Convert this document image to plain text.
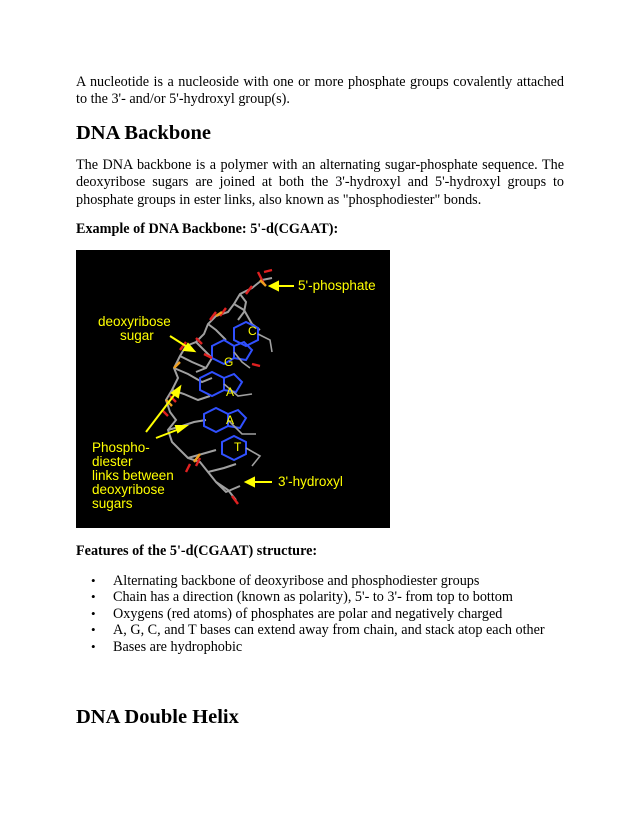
A nucleotide is a nucleoside with one or more phosphate groups covalently attached to the 3'- and/or 5'-hydroxyl group(s).

DNA Backbone

The DNA backbone is a polymer with an alternating sugar-phosphate sequence. The deoxyribose sugars are joined at both the 3'-hydroxyl and 5'-hydroxyl groups to phosphate groups in ester links, also known as "phosphodiester" bonds.

Example of DNA Backbone: 5'-d(CGAAT):

C
G
A
A
T
5'-phosphate
deoxyribose
sugar
Phospho-
diester
links between
deoxyribose
sugars
3'-hydroxyl

Features of the 5'-d(CGAAT) structure:

• Alternating backbone of deoxyribose and phosphodiester groups
• Chain has a direction (known as polarity), 5'- to 3'- from top to bottom
• Oxygens (red atoms) of phosphates are polar and negatively charged
• A, G, C, and T bases can extend away from chain, and stack atop each other
• Bases are hydrophobic
DNA Double Helix
